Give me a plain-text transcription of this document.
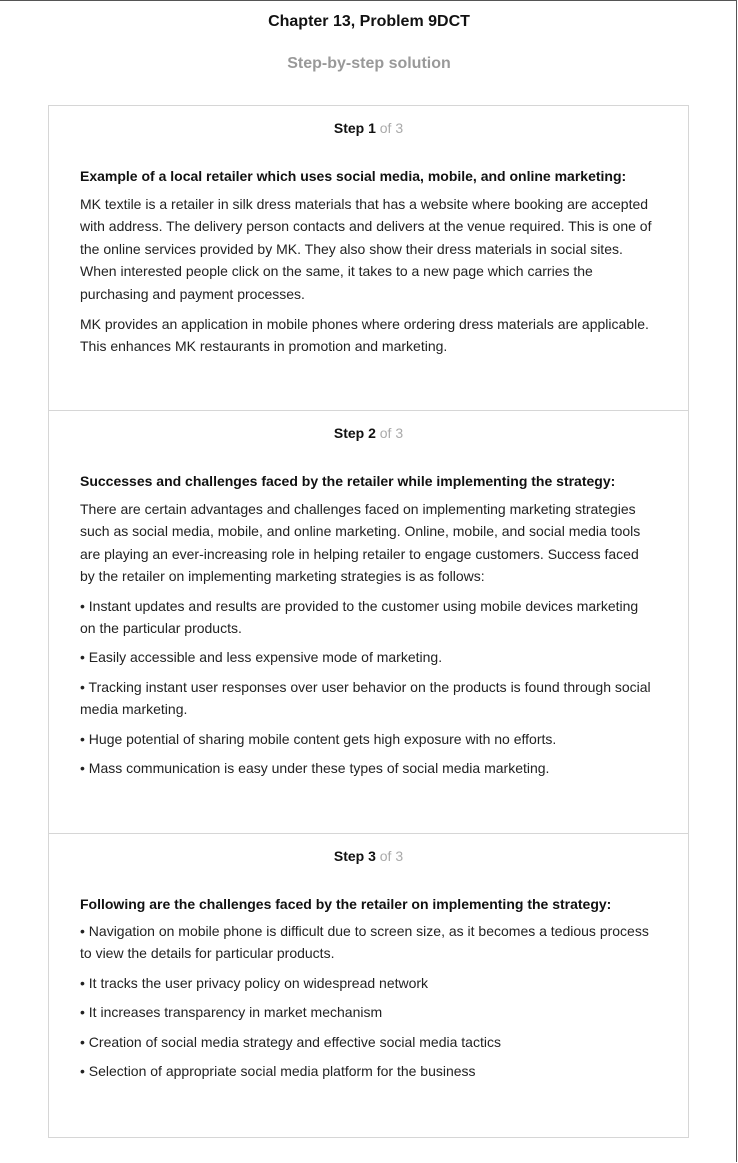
Chapter 13, Problem 9DCT
Step-by-step solution
Step 1 of 3
Example of a local retailer which uses social media, mobile, and online marketing:
MK textile is a retailer in silk dress materials that has a website where booking are accepted with address. The delivery person contacts and delivers at the venue required. This is one of the online services provided by MK. They also show their dress materials in social sites. When interested people click on the same, it takes to a new page which carries the purchasing and payment processes.
MK provides an application in mobile phones where ordering dress materials are applicable. This enhances MK restaurants in promotion and marketing.
Step 2 of 3
Successes and challenges faced by the retailer while implementing the strategy:
There are certain advantages and challenges faced on implementing marketing strategies such as social media, mobile, and online marketing. Online, mobile, and social media tools are playing an ever-increasing role in helping retailer to engage customers. Success faced by the retailer on implementing marketing strategies is as follows:
• Instant updates and results are provided to the customer using mobile devices marketing on the particular products.
• Easily accessible and less expensive mode of marketing.
• Tracking instant user responses over user behavior on the products is found through social media marketing.
• Huge potential of sharing mobile content gets high exposure with no efforts.
• Mass communication is easy under these types of social media marketing.
Step 3 of 3
Following are the challenges faced by the retailer on implementing the strategy:
• Navigation on mobile phone is difficult due to screen size, as it becomes a tedious process to view the details for particular products.
• It tracks the user privacy policy on widespread network
• It increases transparency in market mechanism
• Creation of social media strategy and effective social media tactics
• Selection of appropriate social media platform for the business
